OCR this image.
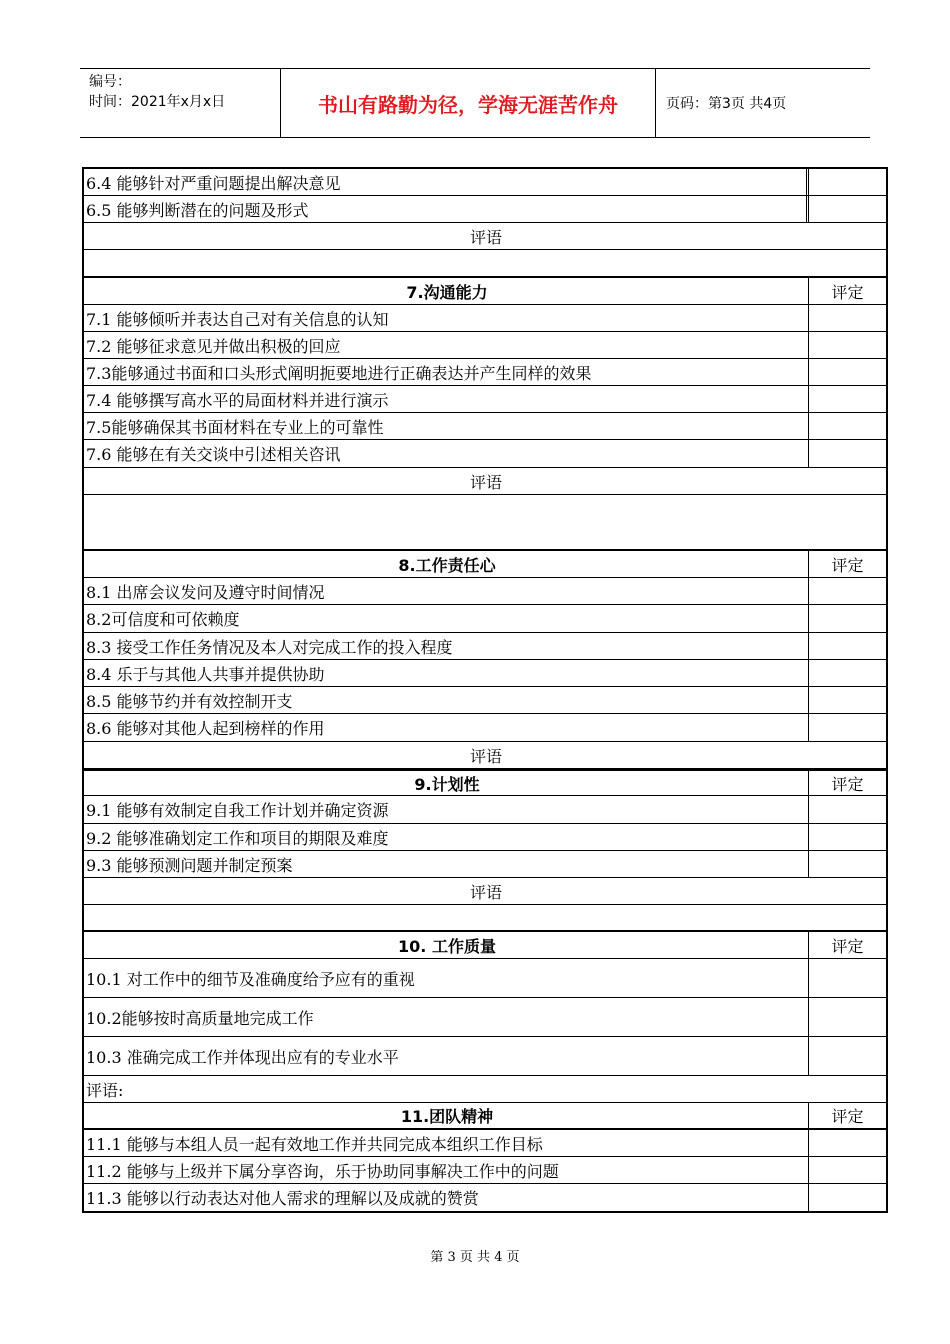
编号：
时间：2021年x月x日	书山有路勤为径，学海无涯苦作舟	页码：第3页 共4页
6.4 能够针对严重问题提出解决意见
6.5 能够判断潜在的问题及形式
评语
7.沟通能力	评定
7.1 能够倾听并表达自己对有关信息的认知
7.2 能够征求意见并做出积极的回应
7.3能够通过书面和口头形式阐明扼要地进行正确表达并产生同样的效果
7.4 能够撰写高水平的局面材料并进行演示
7.5能够确保其书面材料在专业上的可靠性
7.6 能够在有关交谈中引述相关咨讯
评语
8.工作责任心	评定
8.1 出席会议发问及遵守时间情况
8.2可信度和可依赖度
8.3 接受工作任务情况及本人对完成工作的投入程度
8.4 乐于与其他人共事并提供协助
8.5 能够节约并有效控制开支
8.6 能够对其他人起到榜样的作用
评语
9.计划性	评定
9.1 能够有效制定自我工作计划并确定资源
9.2 能够准确划定工作和项目的期限及难度
9.3 能够预测问题并制定预案
评语
10. 工作质量	评定
10.1 对工作中的细节及准确度给予应有的重视
10.2能够按时高质量地完成工作
10.3 准确完成工作并体现出应有的专业水平
评语:
11.团队精神	评定
11.1 能够与本组人员一起有效地工作并共同完成本组织工作目标
11.2 能够与上级并下属分享咨询，乐于协助同事解决工作中的问题
11.3 能够以行动表达对他人需求的理解以及成就的赞赏
第 3 页 共 4 页
